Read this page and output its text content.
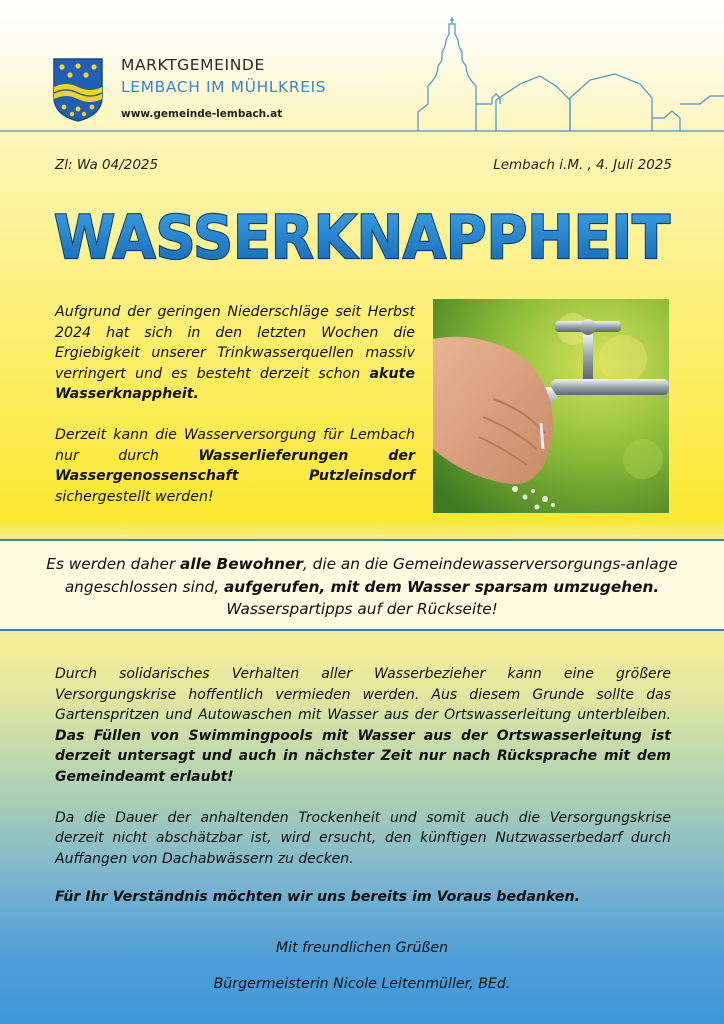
MARKTGEMEINDE
LEMBACH IM MÜHLKREIS
www.gemeinde-lembach.at
Zl: Wa 04/2025	Lembach i.M. , 4. Juli 2025
WASSERKNAPPHEIT

Aufgrund der geringen Niederschläge seit Herbst 2024 hat sich in den letzten Wochen die Ergiebigkeit unserer Trinkwasserquellen massiv verringert und es besteht derzeit schon akute Wasserknappheit.

Derzeit kann die Wasserversorgung für Lembach nur durch Wasserlieferungen der Wassergenossenschaft Putzleinsdorf sichergestellt werden!

Es werden daher alle Bewohner, die an die Gemeindewasserversorgungs-anlage angeschlossen sind, aufgerufen, mit dem Wasser sparsam umzugehen. Wasserspartipps auf der Rückseite!

Durch solidarisches Verhalten aller Wasserbezieher kann eine größere Versorgungskrise hoffentlich vermieden werden. Aus diesem Grunde sollte das Gartenspritzen und Autowaschen mit Wasser aus der Ortswasserleitung unterbleiben. Das Füllen von Swimmingpools mit Wasser aus der Ortswasserleitung ist derzeit untersagt und auch in nächster Zeit nur nach Rücksprache mit dem Gemeindeamt erlaubt!

Da die Dauer der anhaltenden Trockenheit und somit auch die Versorgungskrise derzeit nicht abschätzbar ist, wird ersucht, den künftigen Nutzwasserbedarf durch Auffangen von Dachabwässern zu decken.

Für Ihr Verständnis möchten wir uns bereits im Voraus bedanken.
Mit freundlichen Grüßen
Bürgermeisterin Nicole Leitenmüller, BEd.
